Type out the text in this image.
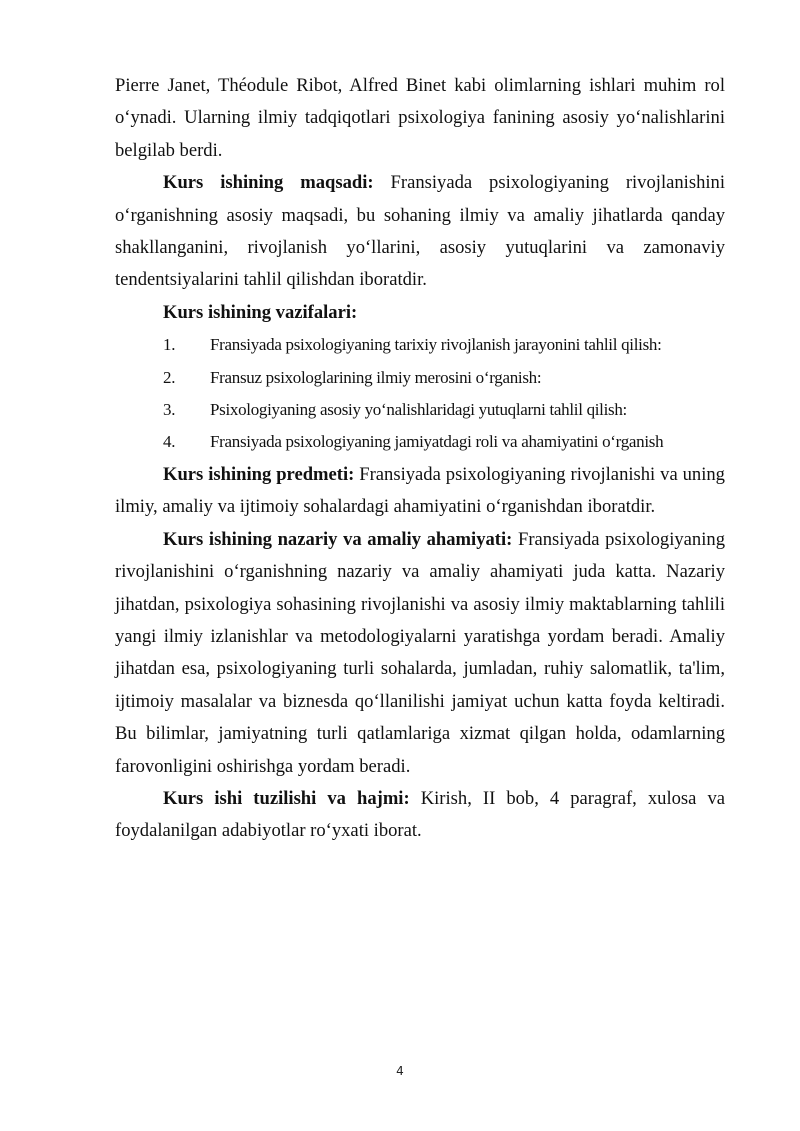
Pierre Janet, Théodule Ribot, Alfred Binet kabi olimlarning ishlari muhim rol o‘ynadi. Ularning ilmiy tadqiqotlari psixologiya fanining asosiy yo‘nalishlarini belgilab berdi.

Kurs ishining maqsadi: Fransiyada psixologiyaning rivojlanishini o‘rganishning asosiy maqsadi, bu sohaning ilmiy va amaliy jihatlarda qanday shakllanganini, rivojlanish yo‘llarini, asosiy yutuqlarini va zamonaviy tendentsiyalarini tahlil qilishdan iboratdir.

Kurs ishining vazifalari:

1. Fransiyada psixologiyaning tarixiy rivojlanish jarayonini tahlil qilish:
2. Fransuz psixologlarining ilmiy merosini o‘rganish:
3. Psixologiyaning asosiy yo‘nalishlaridagi yutuqlarni tahlil qilish:
4. Fransiyada psixologiyaning jamiyatdagi roli va ahamiyatini o‘rganish

Kurs ishining predmeti: Fransiyada psixologiyaning rivojlanishi va uning ilmiy, amaliy va ijtimoiy sohalardagi ahamiyatini o‘rganishdan iboratdir.

Kurs ishining nazariy va amaliy ahamiyati: Fransiyada psixologiyaning rivojlanishini o‘rganishning nazariy va amaliy ahamiyati juda katta. Nazariy jihatdan, psixologiya sohasining rivojlanishi va asosiy ilmiy maktablarning tahlili yangi ilmiy izlanishlar va metodologiyalarni yaratishga yordam beradi. Amaliy jihatdan esa, psixologiyaning turli sohalarda, jumladan, ruhiy salomatlik, ta'lim, ijtimoiy masalalar va biznesda qo‘llanilishi jamiyat uchun katta foyda keltiradi. Bu bilimlar, jamiyatning turli qatlamlariga xizmat qilgan holda, odamlarning farovonligini oshirishga yordam beradi.

Kurs ishi tuzilishi va hajmi: Kirish, II bob, 4 paragraf, xulosa va foydalanilgan adabiyotlar ro‘yxati iborat.

4
